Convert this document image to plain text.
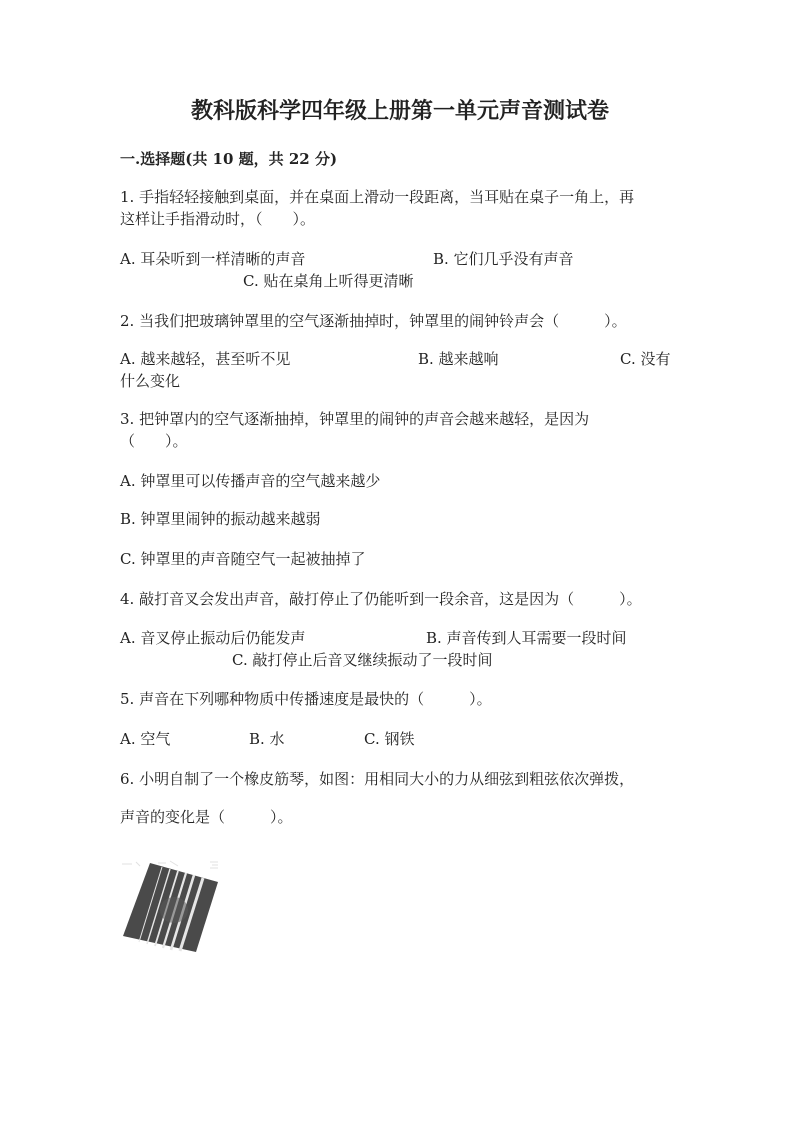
教科版科学四年级上册第一单元声音测试卷
一.选择题(共 10 题，共 22 分)
1. 手指轻轻接触到桌面，并在桌面上滑动一段距离，当耳贴在桌子一角上，再
这样让手指滑动时，（　　）。
A. 耳朵听到一样清晰的声音	B. 它们几乎没有声音
C. 贴在桌角上听得更清晰
2. 当我们把玻璃钟罩里的空气逐渐抽掉时，钟罩里的闹钟铃声会（　　　）。
A. 越来越轻，甚至听不见	B. 越来越响	C. 没有
什么变化
3. 把钟罩内的空气逐渐抽掉，钟罩里的闹钟的声音会越来越轻，是因为
（　　）。
A. 钟罩里可以传播声音的空气越来越少
B. 钟罩里闹钟的振动越来越弱
C. 钟罩里的声音随空气一起被抽掉了
4. 敲打音叉会发出声音，敲打停止了仍能听到一段余音，这是因为（　　　）。
A. 音叉停止振动后仍能发声	B. 声音传到人耳需要一段时间
C. 敲打停止后音叉继续振动了一段时间
5. 声音在下列哪种物质中传播速度是最快的（　　　）。
A. 空气	B. 水	C. 钢铁
6. 小明自制了一个橡皮筋琴，如图：用相同大小的力从细弦到粗弦依次弹拨，
声音的变化是（　　　）。
